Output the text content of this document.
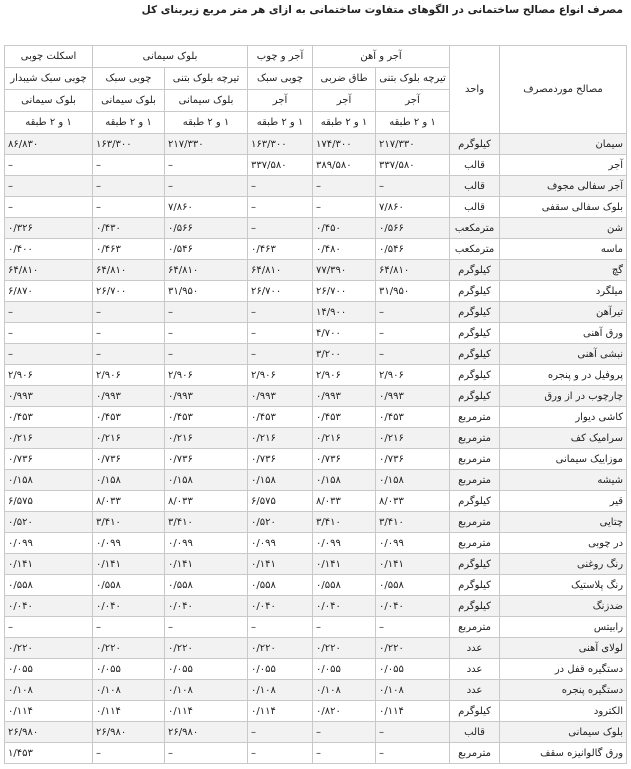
مصرف انواع مصالح ساختمانی در الگوهای متفاوت ساختمانی به ازای هر متر مربع زیربنای کل
مصالح موردمصرف	واحد	آجر و آهن		آجر و چوب	بلوک سیمانی		اسکلت چوبی
		تیرچه بلوک بتنی	طاق ضربی	چوبی سبک	تیرچه بلوک بتنی	چوبی سبک	چوبی سبک شیبدار
		آجر	آجر	آجر	بلوک سیمانی	بلوک سیمانی	بلوک سیمانی
		۱ و ۲ طبقه	۱ و ۲ طبقه	۱ و ۲ طبقه	۱ و ۲ طبقه	۱ و ۲ طبقه	۱ و ۲ طبقه
سیمان	کیلوگرم	۲۱۷/۳۳۰	۱۷۴/۳۰۰	۱۶۳/۳۰۰	۲۱۷/۳۳۰	۱۶۳/۳۰۰	۸۶/۸۳۰
آجر	قالب	۳۳۷/۵۸۰	۳۸۹/۵۸۰	۳۳۷/۵۸۰	–	–	–
آجر سفالی مجوف	قالب	–	–	–	–	–	–
بلوک سفالی سقفی	قالب	۷/۸۶۰	–	–	۷/۸۶۰	–	–
شن	مترمکعب	۰/۵۶۶	۰/۴۵۰	–	۰/۵۶۶	۰/۴۳۰	۰/۳۲۶
ماسه	مترمکعب	۰/۵۴۶	۰/۴۸۰	۰/۴۶۳	۰/۵۴۶	۰/۴۶۳	۰/۴۰۰
گچ	کیلوگرم	۶۴/۸۱۰	۷۷/۳۹۰	۶۴/۸۱۰	۶۴/۸۱۰	۶۴/۸۱۰	۶۴/۸۱۰
میلگرد	کیلوگرم	۳۱/۹۵۰	۲۶/۷۰۰	۲۶/۷۰۰	۳۱/۹۵۰	۲۶/۷۰۰	۶/۸۷۰
تیرآهن	کیلوگرم	–	۱۴/۹۰۰	–	–	–	–
ورق آهنی	کیلوگرم	–	۴/۷۰۰	–	–	–	–
نبشی آهنی	کیلوگرم	–	۳/۲۰۰	–	–	–	–
پروفیل در و پنجره	کیلوگرم	۲/۹۰۶	۲/۹۰۶	۲/۹۰۶	۲/۹۰۶	۲/۹۰۶	۲/۹۰۶
چارچوب در از ورق	کیلوگرم	۰/۹۹۳	۰/۹۹۳	۰/۹۹۳	۰/۹۹۳	۰/۹۹۳	۰/۹۹۳
کاشی دیوار	مترمربع	۰/۴۵۳	۰/۴۵۳	۰/۴۵۳	۰/۴۵۳	۰/۴۵۳	۰/۴۵۳
سرامیک کف	مترمربع	۰/۲۱۶	۰/۲۱۶	۰/۲۱۶	۰/۲۱۶	۰/۲۱۶	۰/۲۱۶
موزاییک سیمانی	مترمربع	۰/۷۳۶	۰/۷۳۶	۰/۷۳۶	۰/۷۳۶	۰/۷۳۶	۰/۷۳۶
شیشه	مترمربع	۰/۱۵۸	۰/۱۵۸	۰/۱۵۸	۰/۱۵۸	۰/۱۵۸	۰/۱۵۸
قیر	کیلوگرم	۸/۰۳۳	۸/۰۳۳	۶/۵۷۵	۸/۰۳۳	۸/۰۳۳	۶/۵۷۵
چتایی	مترمربع	۳/۴۱۰	۳/۴۱۰	۰/۵۲۰	۳/۴۱۰	۳/۴۱۰	۰/۵۲۰
در چوبی	مترمربع	۰/۰۹۹	۰/۰۹۹	۰/۰۹۹	۰/۰۹۹	۰/۰۹۹	۰/۰۹۹
رنگ روغنی	کیلوگرم	۰/۱۴۱	۰/۱۴۱	۰/۱۴۱	۰/۱۴۱	۰/۱۴۱	۰/۱۴۱
رنگ پلاستیک	کیلوگرم	۰/۵۵۸	۰/۵۵۸	۰/۵۵۸	۰/۵۵۸	۰/۵۵۸	۰/۵۵۸
ضدزنگ	کیلوگرم	۰/۰۴۰	۰/۰۴۰	۰/۰۴۰	۰/۰۴۰	۰/۰۴۰	۰/۰۴۰
رابیتس	مترمربع	–	–	–	–	–	–
لولای آهنی	عدد	۰/۲۲۰	۰/۲۲۰	۰/۲۲۰	۰/۲۲۰	۰/۲۲۰	۰/۲۲۰
دستگیره قفل در	عدد	۰/۰۵۵	۰/۰۵۵	۰/۰۵۵	۰/۰۵۵	۰/۰۵۵	۰/۰۵۵
دستگیره پنجره	عدد	۰/۱۰۸	۰/۱۰۸	۰/۱۰۸	۰/۱۰۸	۰/۱۰۸	۰/۱۰۸
الکترود	کیلوگرم	۰/۱۱۴	۰/۸۲۰	۰/۱۱۴	۰/۱۱۴	۰/۱۱۴	۰/۱۱۴
بلوک سیمانی	قالب	–	–	–	۲۶/۹۸۰	۲۶/۹۸۰	۲۶/۹۸۰
ورق گالوانیزه سقف	مترمربع	–	–	–	–	–	۱/۴۵۳
